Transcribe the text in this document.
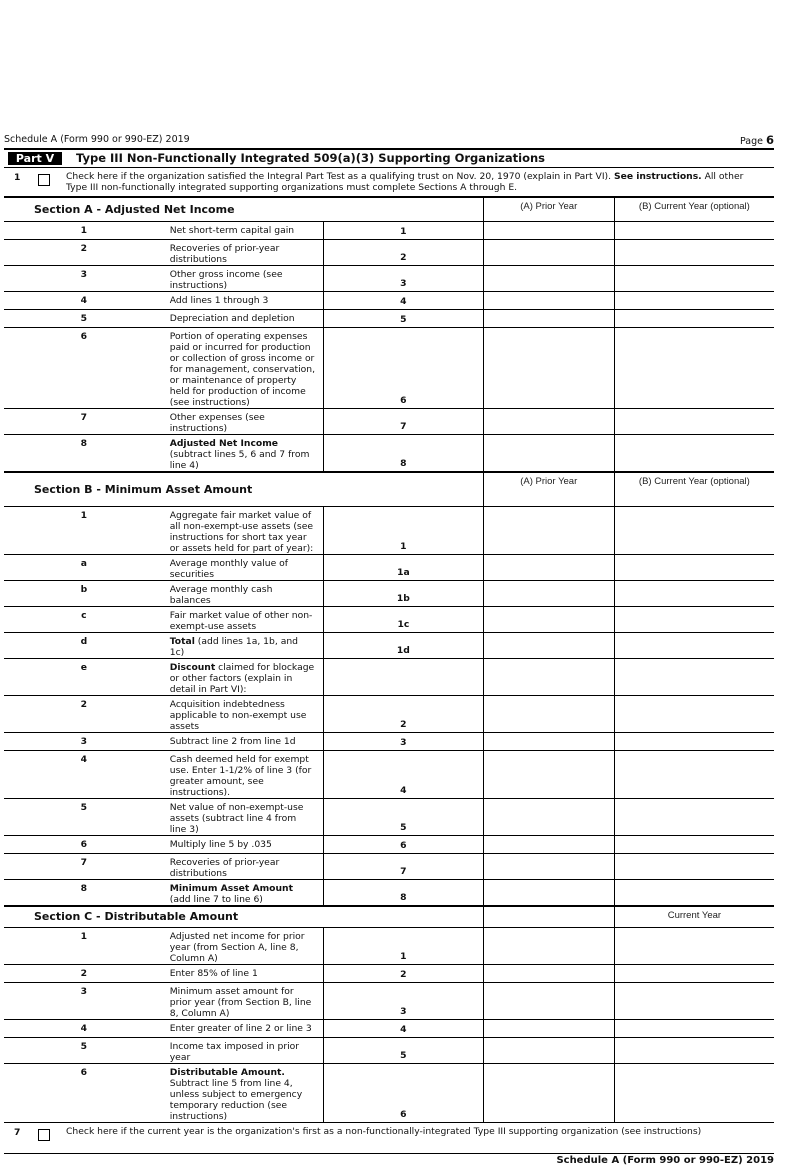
Schedule A (Form 990 or 990-EZ) 2019	Page 6
Part V	Type III Non-Functionally Integrated 509(a)(3) Supporting Organizations
1	Check here if the organization satisfied the Integral Part Test as a qualifying trust on Nov. 20, 1970 (explain in Part VI). See instructions. All other Type III non-functionally integrated supporting organizations must complete Sections A through E.
Section A - Adjusted Net Income			(A) Prior Year	(B) Current Year (optional)
1	Net short-term capital gain	1		
2	Recoveries of prior-year distributions	2		
3	Other gross income (see instructions)	3		
4	Add lines 1 through 3	4		
5	Depreciation and depletion	5		
6	Portion of operating expenses paid or incurred for production or collection of gross income or for management, conservation, or maintenance of property held for production of income (see instructions)	6		
7	Other expenses (see instructions)	7		
8	Adjusted Net Income (subtract lines 5, 6 and 7 from line 4)	8		
Section B - Minimum Asset Amount			(A) Prior Year	(B) Current Year (optional)
1	Aggregate fair market value of all non-exempt-use assets (see instructions for short tax year or assets held for part of year):	1		
a	Average monthly value of securities	1a		
b	Average monthly cash balances	1b		
c	Fair market value of other non-exempt-use assets	1c		
d	Total (add lines 1a, 1b, and 1c)	1d		
e	Discount claimed for blockage or other factors (explain in detail in Part VI):			
2	Acquisition indebtedness applicable to non-exempt use assets	2		
3	Subtract line 2 from line 1d	3		
4	Cash deemed held for exempt use. Enter 1-1/2% of line 3 (for greater amount, see instructions).	4		
5	Net value of non-exempt-use assets (subtract line 4 from line 3)	5		
6	Multiply line 5 by .035	6		
7	Recoveries of prior-year distributions	7		
8	Minimum Asset Amount (add line 7 to line 6)	8		
Section C - Distributable Amount				Current Year
1	Adjusted net income for prior year (from Section A, line 8, Column A)	1		
2	Enter 85% of line 1	2		
3	Minimum asset amount for prior year (from Section B, line 8, Column A)	3		
4	Enter greater of line 2 or line 3	4		
5	Income tax imposed in prior year	5		
6	Distributable Amount. Subtract line 5 from line 4, unless subject to emergency temporary reduction (see instructions)	6		
7	Check here if the current year is the organization's first as a non-functionally-integrated Type III supporting organization (see instructions)
Schedule A (Form 990 or 990-EZ) 2019
